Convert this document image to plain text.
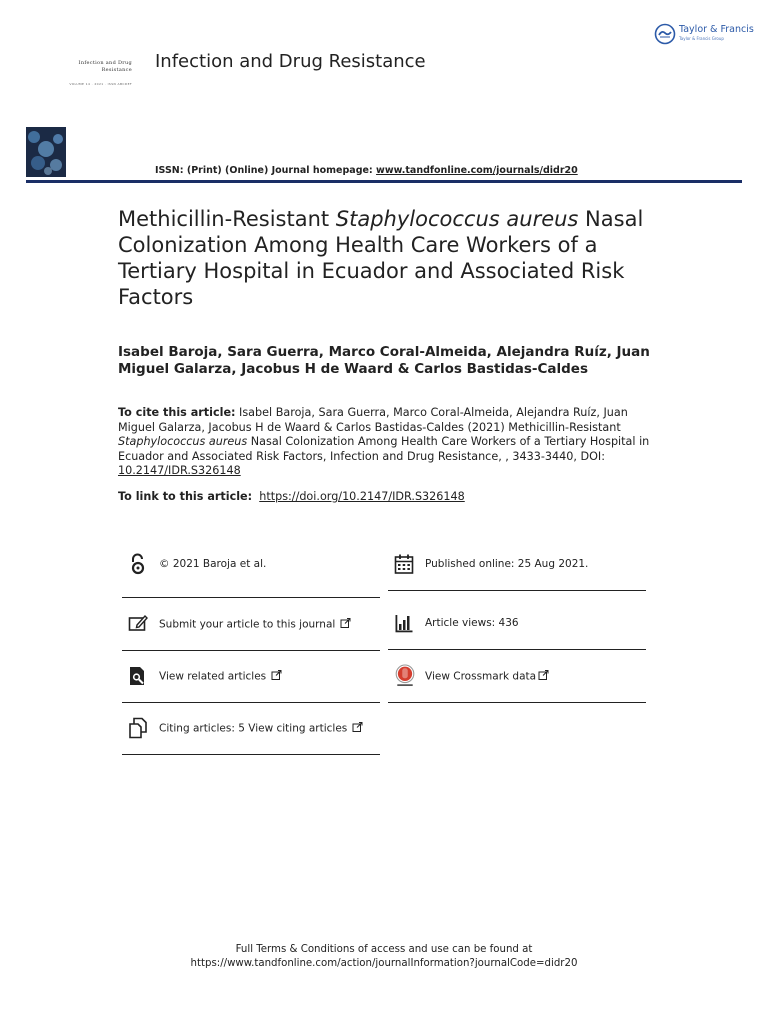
Infection and Drug
Resistance
VOLUME 14 · 2021 · ISSN ABCDEF
Infection and Drug Resistance
Taylor & Francis
Taylor & Francis Group
ISSN: (Print) (Online) Journal homepage: www.tandfonline.com/journals/didr20
Methicillin-Resistant Staphylococcus aureus Nasal Colonization Among Health Care Workers of a Tertiary Hospital in Ecuador and Associated Risk Factors
Isabel Baroja, Sara Guerra, Marco Coral-Almeida, Alejandra Ruíz, Juan Miguel Galarza, Jacobus H de Waard & Carlos Bastidas-Caldes
To cite this article: Isabel Baroja, Sara Guerra, Marco Coral-Almeida, Alejandra Ruíz, Juan Miguel Galarza, Jacobus H de Waard & Carlos Bastidas-Caldes (2021) Methicillin-Resistant Staphylococcus aureus Nasal Colonization Among Health Care Workers of a Tertiary Hospital in Ecuador and Associated Risk Factors, Infection and Drug Resistance, , 3433-3440, DOI: 10.2147/IDR.S326148
To link to this article: https://doi.org/10.2147/IDR.S326148
© 2021 Baroja et al.	Published online: 25 Aug 2021.
Submit your article to this journal	Article views: 436
View related articles	View Crossmark data
Citing articles: 5 View citing articles
Full Terms & Conditions of access and use can be found at
https://www.tandfonline.com/action/journalInformation?journalCode=didr20
